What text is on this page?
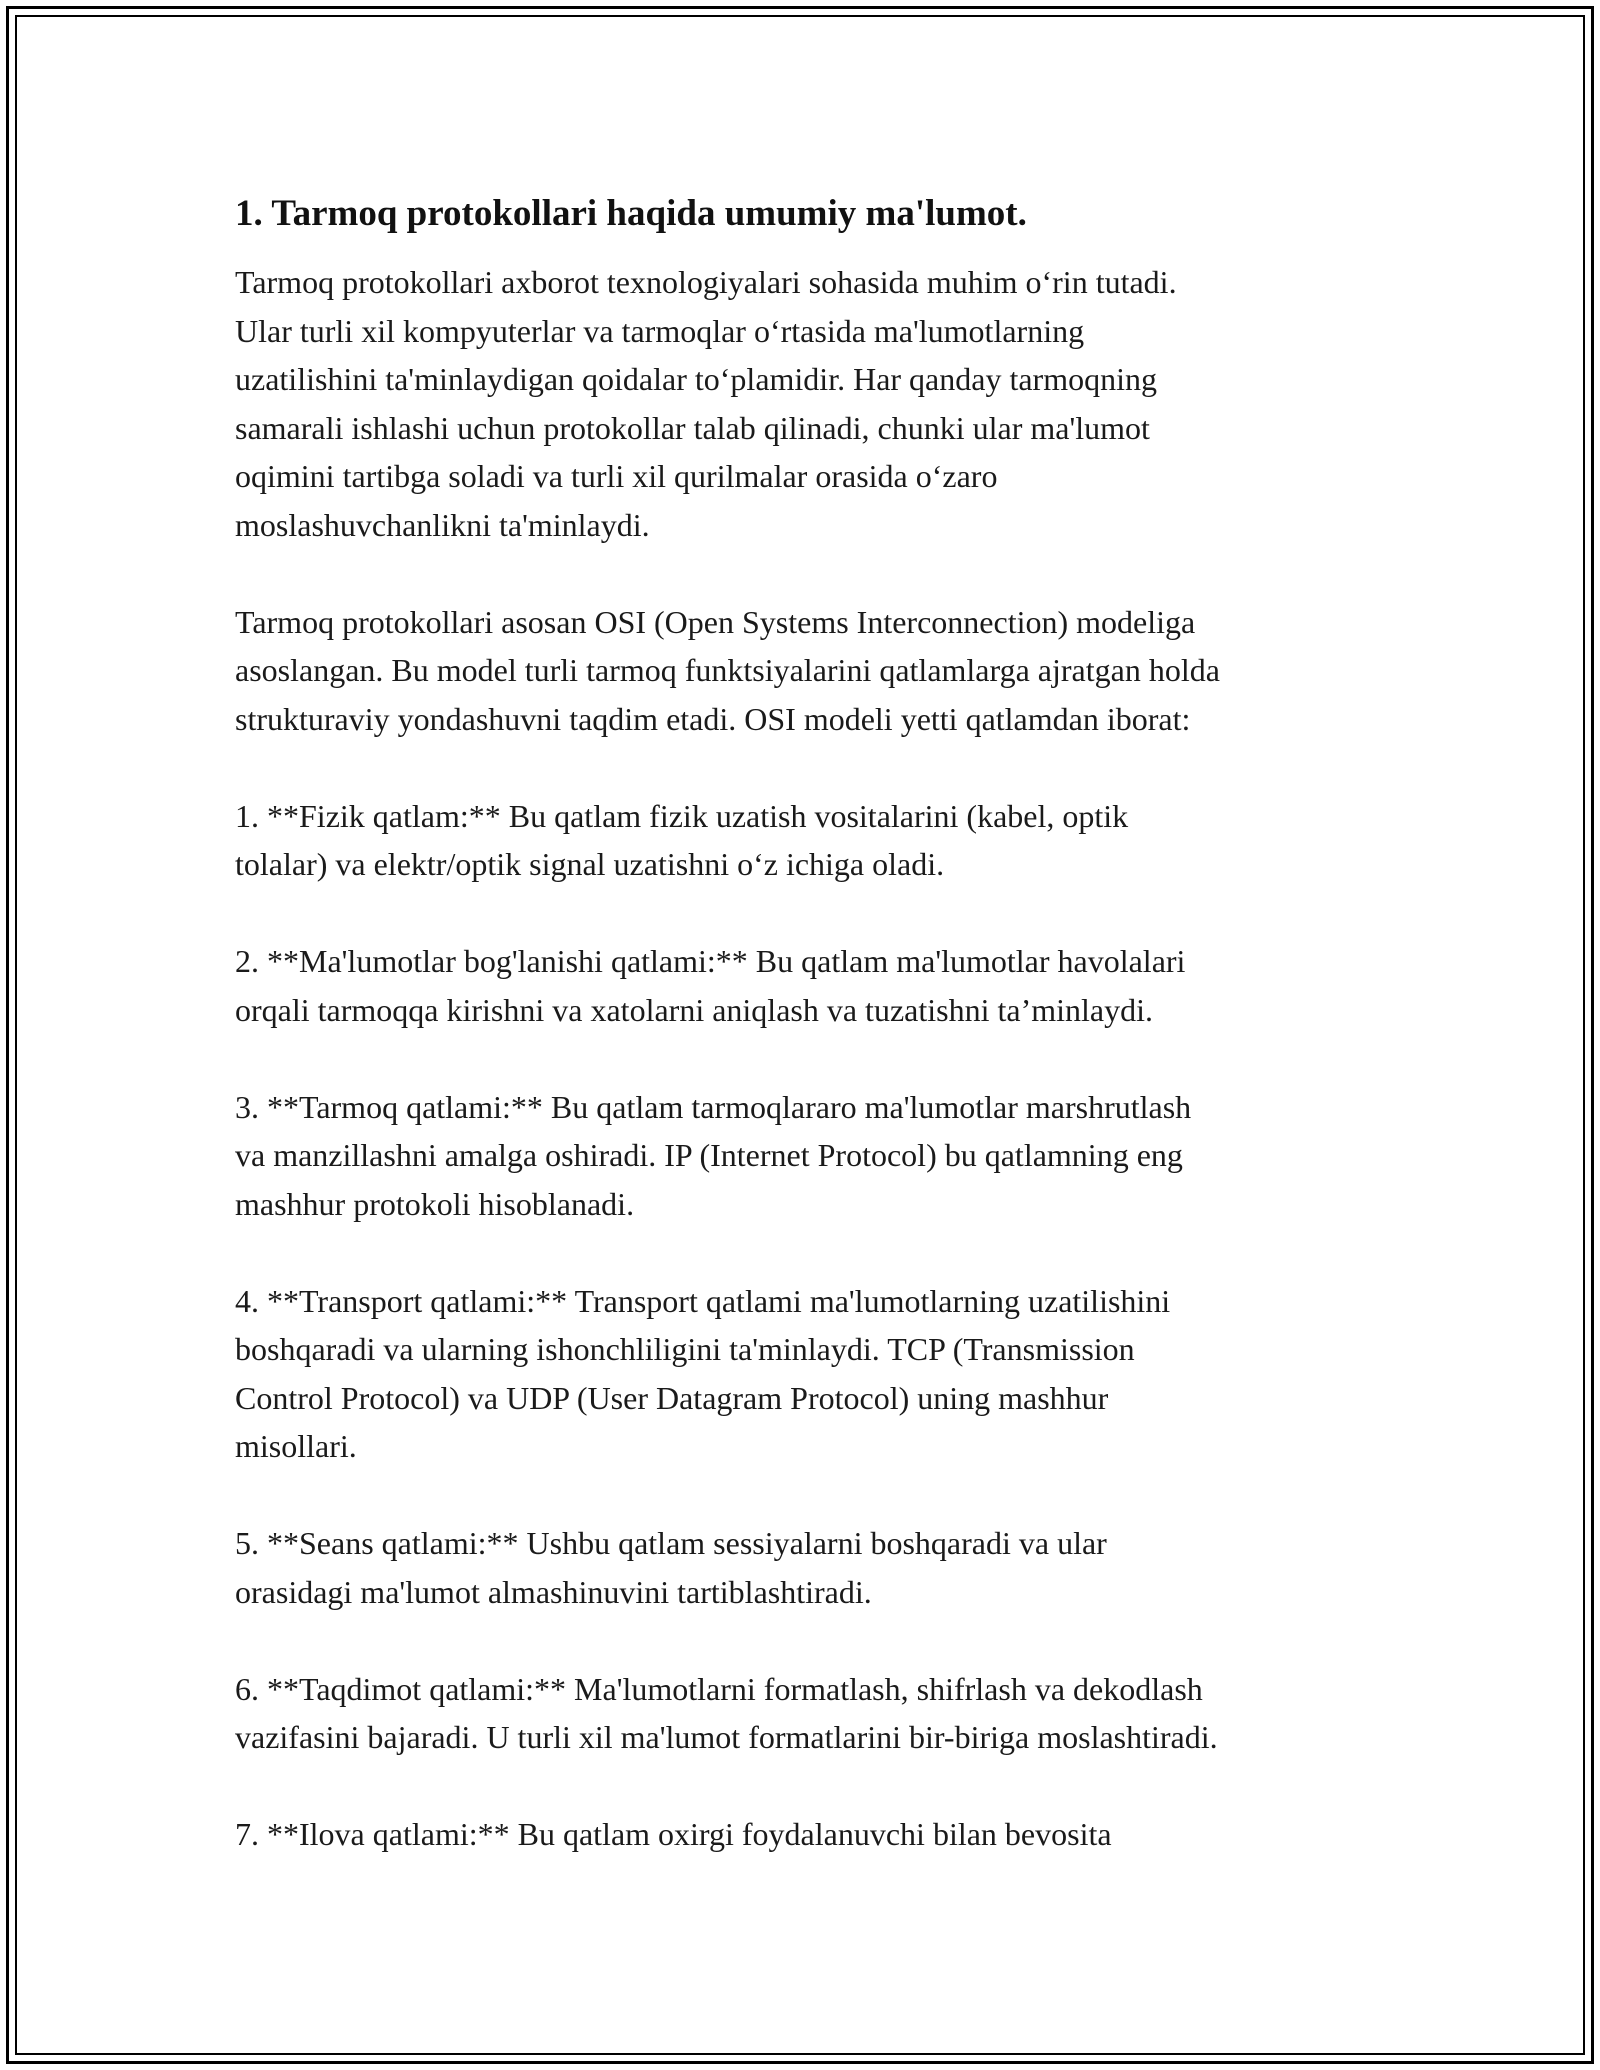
1. Tarmoq protokollari haqida umumiy ma'lumot.

Tarmoq protokollari axborot texnologiyalari sohasida muhim o‘rin tutadi.
Ular turli xil kompyuterlar va tarmoqlar o‘rtasida ma'lumotlarning
uzatilishini ta'minlaydigan qoidalar to‘plamidir. Har qanday tarmoqning
samarali ishlashi uchun protokollar talab qilinadi, chunki ular ma'lumot
oqimini tartibga soladi va turli xil qurilmalar orasida o‘zaro
moslashuvchanlikni ta'minlaydi.

Tarmoq protokollari asosan OSI (Open Systems Interconnection) modeliga
asoslangan. Bu model turli tarmoq funktsiyalarini qatlamlarga ajratgan holda
strukturaviy yondashuvni taqdim etadi. OSI modeli yetti qatlamdan iborat:

1. **Fizik qatlam:** Bu qatlam fizik uzatish vositalarini (kabel, optik
tolalar) va elektr/optik signal uzatishni o‘z ichiga oladi.

2. **Ma'lumotlar bog'lanishi qatlami:** Bu qatlam ma'lumotlar havolalari
orqali tarmoqqa kirishni va xatolarni aniqlash va tuzatishni ta’minlaydi.

3. **Tarmoq qatlami:** Bu qatlam tarmoqlararo ma'lumotlar marshrutlash
va manzillashni amalga oshiradi. IP (Internet Protocol) bu qatlamning eng
mashhur protokoli hisoblanadi.

4. **Transport qatlami:** Transport qatlami ma'lumotlarning uzatilishini
boshqaradi va ularning ishonchliligini ta'minlaydi. TCP (Transmission
Control Protocol) va UDP (User Datagram Protocol) uning mashhur
misollari.

5. **Seans qatlami:** Ushbu qatlam sessiyalarni boshqaradi va ular
orasidagi ma'lumot almashinuvini tartiblashtiradi.

6. **Taqdimot qatlami:** Ma'lumotlarni formatlash, shifrlash va dekodlash
vazifasini bajaradi. U turli xil ma'lumot formatlarini bir-biriga moslashtiradi.

7. **Ilova qatlami:** Bu qatlam oxirgi foydalanuvchi bilan bevosita
